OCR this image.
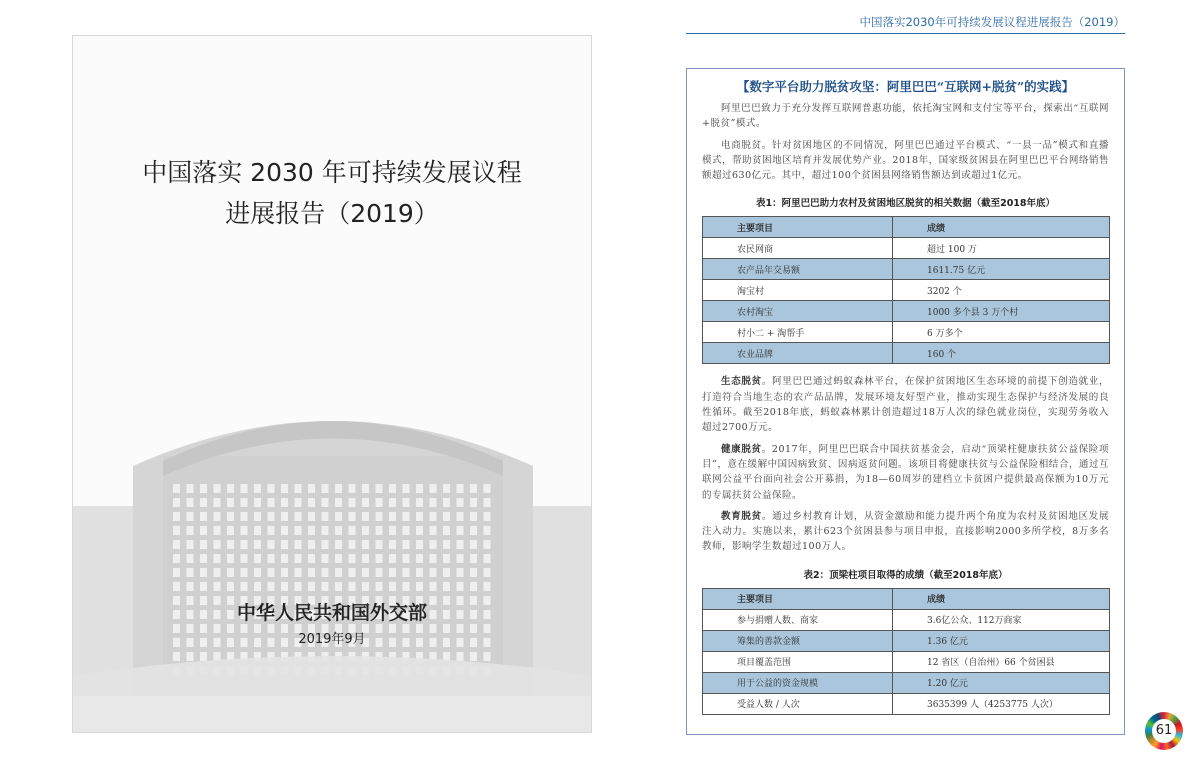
中国落实 2030 年可持续发展议程
进展报告（2019）
中华人民共和国外交部
2019年9月
中国落实2030年可持续发展议程进展报告（2019）
【数字平台助力脱贫攻坚：阿里巴巴“互联网+脱贫”的实践】

阿里巴巴致力于充分发挥互联网普惠功能，依托淘宝网和支付宝等平台，探索出“互联网+脱贫”模式。

电商脱贫。针对贫困地区的不同情况，阿里巴巴通过平台模式、“一县一品”模式和直播模式，帮助贫困地区培育并发展优势产业。2018年，国家级贫困县在阿里巴巴平台网络销售额超过630亿元。其中，超过100个贫困县网络销售额达到或超过1亿元。

表1：阿里巴巴助力农村及贫困地区脱贫的相关数据（截至2018年底）
主要项目	成绩
农民网商	超过 100 万
农产品年交易额	1611.75 亿元
淘宝村	3202 个
农村淘宝	1000 多个县 3 万个村
村小二 + 淘帮手	6 万多个
农业品牌	160 个

生态脱贫。阿里巴巴通过蚂蚁森林平台，在保护贫困地区生态环境的前提下创造就业，打造符合当地生态的农产品品牌，发展环境友好型产业，推动实现生态保护与经济发展的良性循环。截至2018年底，蚂蚁森林累计创造超过18万人次的绿色就业岗位，实现劳务收入超过2700万元。

健康脱贫。2017年，阿里巴巴联合中国扶贫基金会，启动“顶梁柱健康扶贫公益保险项目”，意在缓解中国因病致贫、因病返贫问题。该项目将健康扶贫与公益保险相结合，通过互联网公益平台面向社会公开募捐，为18—60周岁的建档立卡贫困户提供最高保额为10万元的专属扶贫公益保险。

教育脱贫。通过乡村教育计划，从资金激励和能力提升两个角度为农村及贫困地区发展注入动力。实施以来，累计623个贫困县参与项目申报，直接影响2000多所学校，8万多名教师，影响学生数超过100万人。

表2：顶梁柱项目取得的成绩（截至2018年底）
主要项目	成绩
参与捐赠人数、商家	3.6亿公众、112万商家
筹集的善款金额	1.36 亿元
项目覆盖范围	12 省区（自治州）66 个贫困县
用于公益的资金规模	1.20 亿元
受益人数 / 人次	3635399 人（4253775 人次）
61
